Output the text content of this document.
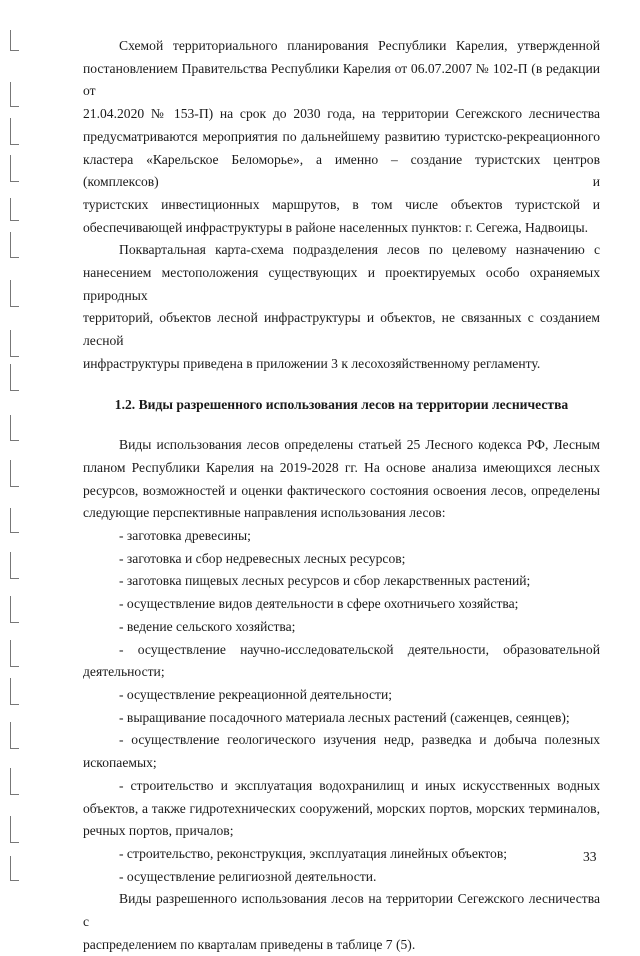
Схемой территориального планирования Республики Карелия, утвержденной

постановлением Правительства Республики Карелия от 06.07.2007 № 102-П (в редакции от

21.04.2020 № 153-П) на срок до 2030 года, на территории Сегежского лесничества

предусматриваются мероприятия по дальнейшему развитию туристско-рекреационного

кластера «Карельское Беломорье», а именно – создание туристских центров (комплексов) и

туристских инвестиционных маршрутов, в том числе объектов туристской и

обеспечивающей инфраструктуры в районе населенных пунктов: г. Сегежа, Надвоицы.

Поквартальная карта-схема подразделения лесов по целевому назначению с

нанесением местоположения существующих и проектируемых особо охраняемых природных

территорий, объектов лесной инфраструктуры и объектов, не связанных с созданием лесной

инфраструктуры приведена в приложении 3 к лесохозяйственному регламенту.

1.2. Виды разрешенного использования лесов на территории лесничества

Виды использования лесов определены статьей 25 Лесного кодекса РФ, Лесным

планом Республики Карелия на 2019-2028 гг. На основе анализа имеющихся лесных

ресурсов, возможностей и оценки фактического состояния освоения лесов, определены

следующие перспективные направления использования лесов:

- заготовка древесины;

- заготовка и сбор недревесных лесных ресурсов;

- заготовка пищевых лесных ресурсов и сбор лекарственных растений;

- осуществление видов деятельности в сфере охотничьего хозяйства;

- ведение сельского хозяйства;

- осуществление научно-исследовательской деятельности, образовательной

деятельности;

- осуществление рекреационной деятельности;

- выращивание посадочного материала лесных растений (саженцев, сеянцев);

- осуществление геологического изучения недр, разведка и добыча полезных

ископаемых;

- строительство и эксплуатация водохранилищ и иных искусственных водных

объектов, а также гидротехнических сооружений, морских портов, морских терминалов,

речных портов, причалов;

- строительство, реконструкция, эксплуатация линейных объектов;

- осуществление религиозной деятельности.

Виды разрешенного использования лесов на территории Сегежского лесничества с

распределением по кварталам приведены в таблице 7 (5).

33
